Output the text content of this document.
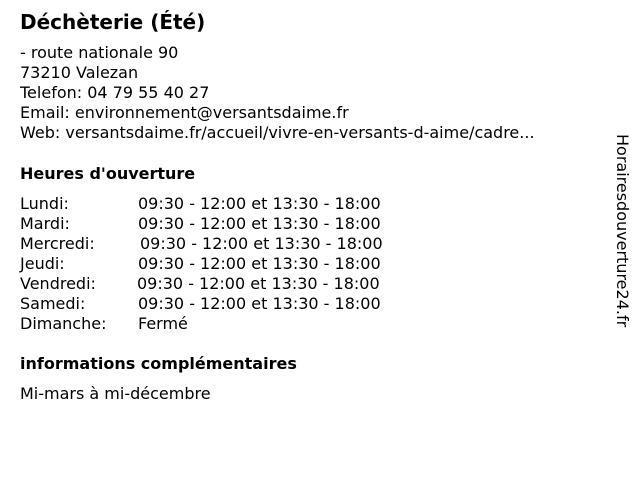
Déchèterie (Été)
- route nationale 90
73210 Valezan
Telefon: 04 79 55 40 27
Email: environnement@versantsdaime.fr
Web: versantsdaime.fr/accueil/vivre-en-versants-d-aime/cadre...
Heures d'ouverture
Lundi:	09:30 - 12:00 et 13:30 - 18:00
Mardi:	09:30 - 12:00 et 13:30 - 18:00
Mercredi:	09:30 - 12:00 et 13:30 - 18:00
Jeudi:	09:30 - 12:00 et 13:30 - 18:00
Vendredi:	09:30 - 12:00 et 13:30 - 18:00
Samedi:	09:30 - 12:00 et 13:30 - 18:00
Dimanche: Fermé
informations complémentaires
Mi-mars à mi-décembre
Horairesdouverture24.fr
